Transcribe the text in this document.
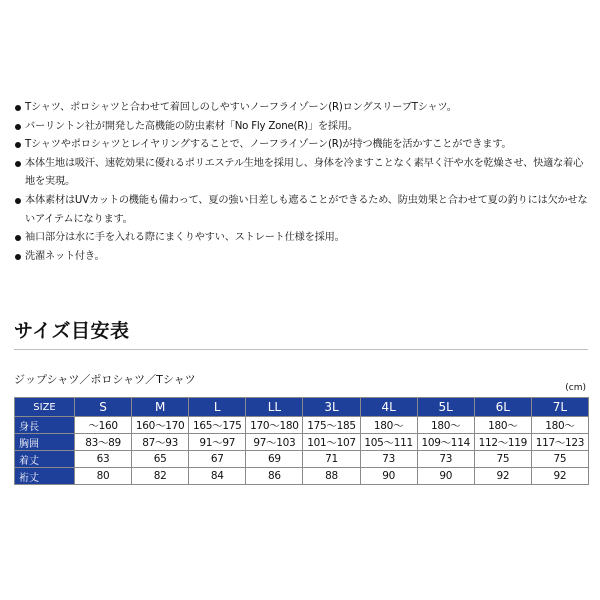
Tシャツ、ポロシャツと合わせて着回しのしやすいノーフライゾーン(R)ロングスリーブTシャツ。
バーリントン社が開発した高機能の防虫素材「No Fly Zone(R)」を採用。
Tシャツやポロシャツとレイヤリングすることで、ノーフライゾーン(R)が持つ機能を活かすことができます。
本体生地は吸汗、速乾効果に優れるポリエステル生地を採用し、身体を冷ますことなく素早く汗や水を乾燥させ、快適な着心地を実現。
本体素材はUVカットの機能も備わって、夏の強い日差しも遮ることができるため、防虫効果と合わせて夏の釣りには欠かせないアイテムになります。
袖口部分は水に手を入れる際にまくりやすい、ストレート仕様を採用。
洗濯ネット付き。
サイズ目安表
ジップシャツ／ポロシャツ／Tシャツ
(cm)
SIZE	S	M	L	LL	3L	4L	5L	6L	7L
身長	〜160	160〜170	165〜175	170〜180	175〜185	180〜	180〜	180〜	180〜
胸囲	83〜89	87〜93	91〜97	97〜103	101〜107	105〜111	109〜114	112〜119	117〜123
着丈	63	65	67	69	71	73	73	75	75
裄丈	80	82	84	86	88	90	90	92	92
